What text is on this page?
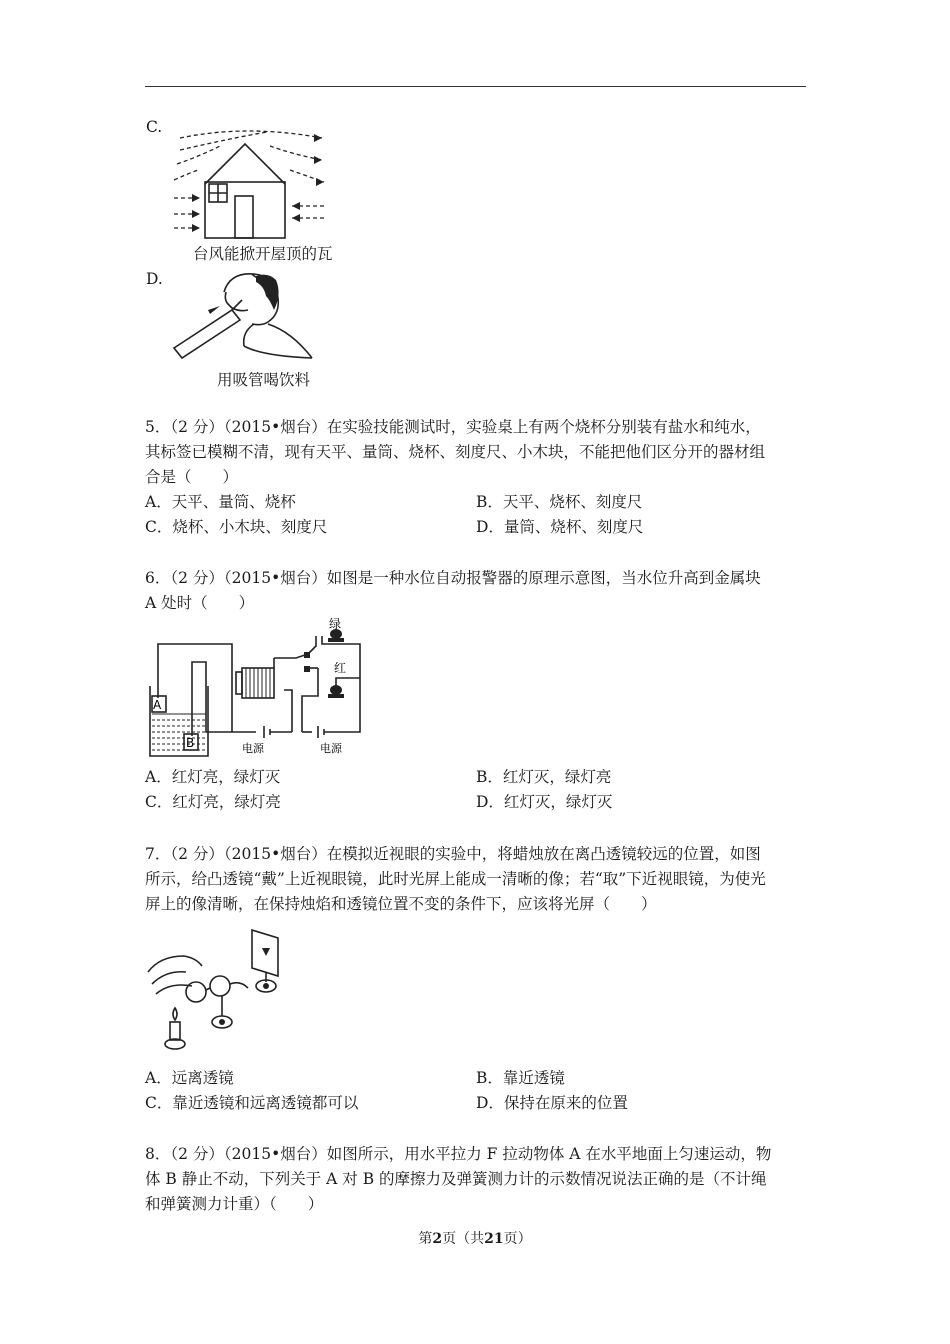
C.
台风能掀开屋顶的瓦
D.
用吸管喝饮料
5．（2 分）（2015•烟台）在实验技能测试时，实验桌上有两个烧杯分别装有盐水和纯水，
其标签已模糊不清，现有天平、量筒、烧杯、刻度尺、小木块，不能把他们区分开的器材组
合是（　　）
A．天平、量筒、烧杯	B．天平、烧杯、刻度尺
C．烧杯、小木块、刻度尺	D．量筒、烧杯、刻度尺
6．（2 分）（2015•烟台）如图是一种水位自动报警器的原理示意图，当水位升高到金属块
A 处时（　　）
A
B
绿
红
电源	电源
A．红灯亮，绿灯灭	B．红灯灭，绿灯亮
C．红灯亮，绿灯亮	D．红灯灭，绿灯灭
7．（2 分）（2015•烟台）在模拟近视眼的实验中，将蜡烛放在离凸透镜较远的位置，如图
所示，给凸透镜“戴”上近视眼镜，此时光屏上能成一清晰的像；若“取”下近视眼镜，为使光
屏上的像清晰，在保持烛焰和透镜位置不变的条件下，应该将光屏（　　）
A．远离透镜	B．靠近透镜
C．靠近透镜和远离透镜都可以	D．保持在原来的位置
8．（2 分）（2015•烟台）如图所示，用水平拉力 F 拉动物体 A 在水平地面上匀速运动，物
体 B 静止不动，下列关于 A 对 B 的摩擦力及弹簧测力计的示数情况说法正确的是（不计绳
和弹簧测力计重）（　　）
第2页（共21页）
